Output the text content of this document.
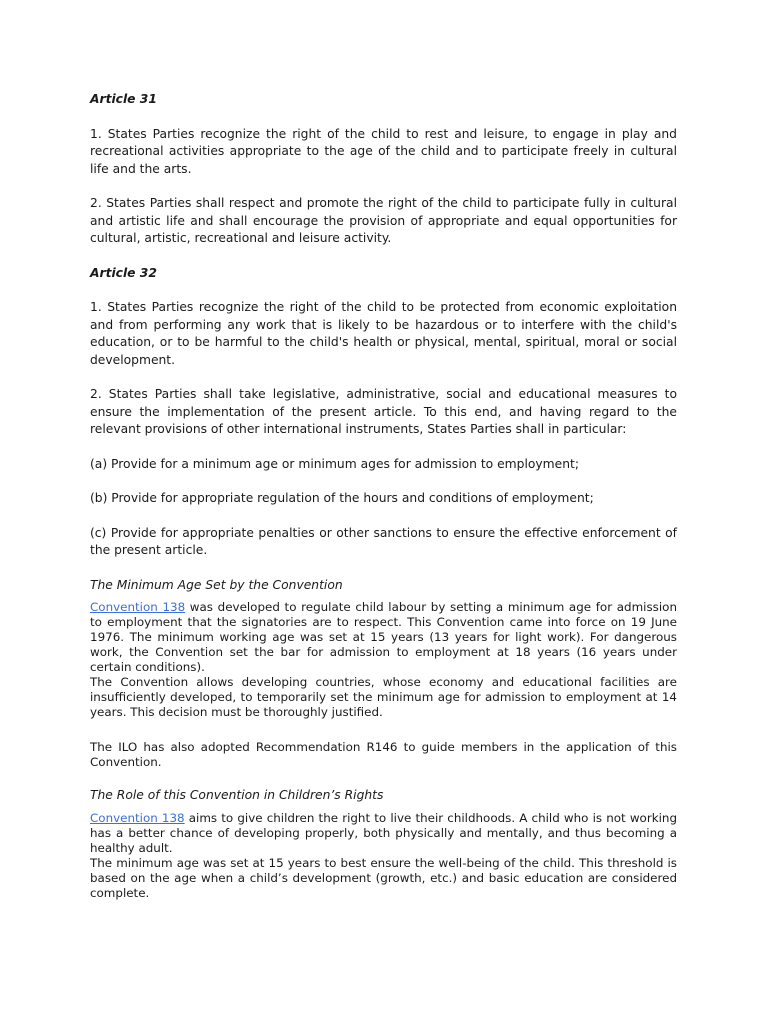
Article 31

1. States Parties recognize the right of the child to rest and leisure, to engage in play and recreational activities appropriate to the age of the child and to participate freely in cultural life and the arts.

2. States Parties shall respect and promote the right of the child to participate fully in cultural and artistic life and shall encourage the provision of appropriate and equal opportunities for cultural, artistic, recreational and leisure activity.

Article 32

1. States Parties recognize the right of the child to be protected from economic exploitation and from performing any work that is likely to be hazardous or to interfere with the child's education, or to be harmful to the child's health or physical, mental, spiritual, moral or social development.

2. States Parties shall take legislative, administrative, social and educational measures to ensure the implementation of the present article. To this end, and having regard to the relevant provisions of other international instruments, States Parties shall in particular:

(a) Provide for a minimum age or minimum ages for admission to employment;

(b) Provide for appropriate regulation of the hours and conditions of employment;

(c) Provide for appropriate penalties or other sanctions to ensure the effective enforcement of the present article.

The Minimum Age Set by the Convention

Convention 138 was developed to regulate child labour by setting a minimum age for admission to employment that the signatories are to respect. This Convention came into force on 19 June 1976. The minimum working age was set at 15 years (13 years for light work). For dangerous work, the Convention set the bar for admission to employment at 18 years (16 years under certain conditions).

The Convention allows developing countries, whose economy and educational facilities are insufficiently developed, to temporarily set the minimum age for admission to employment at 14 years. This decision must be thoroughly justified.

The ILO has also adopted Recommendation R146 to guide members in the application of this Convention.

The Role of this Convention in Children’s Rights

Convention 138 aims to give children the right to live their childhoods. A child who is not working has a better chance of developing properly, both physically and mentally, and thus becoming a healthy adult.

The minimum age was set at 15 years to best ensure the well-being of the child. This threshold is based on the age when a child’s development (growth, etc.) and basic education are considered complete.
